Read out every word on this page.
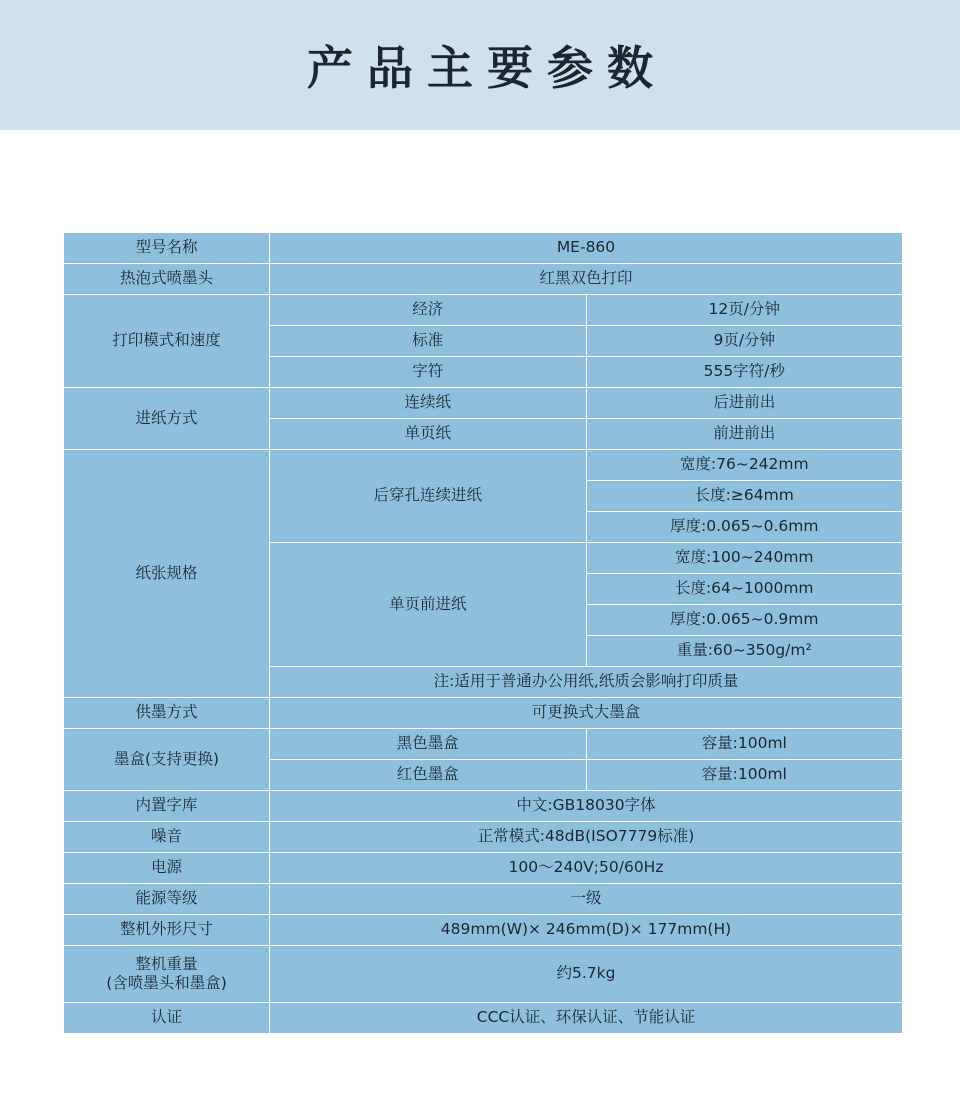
产品主要参数
型号名称	ME-860	
热泡式喷墨头	红黑双色打印	
打印模式和速度	经济	12页/分钟
	标准	9页/分钟
	字符	555字符/秒
进纸方式	连续纸	后进前出
	单页纸	前进前出
纸张规格	后穿孔连续进纸	宽度:76~242mm
		长度:≥64mm
		厚度:0.065~0.6mm
	单页前进纸	宽度:100~240mm
		长度:64~1000mm
		厚度:0.065~0.9mm
		重量:60~350g/m²
	注:适用于普通办公用纸,纸质会影响打印质量	
供墨方式	可更换式大墨盒	
墨盒(支持更换)	黑色墨盒	容量:100ml
	红色墨盒	容量:100ml
内置字库	中文:GB18030字体	
噪音	正常模式:48dB(ISO7779标准)	
电源	100～240V;50/60Hz	
能源等级	一级	
整机外形尺寸	489mm(W)× 246mm(D)× 177mm(H)	

整机重量
(含喷墨头和墨盒)	约5.7kg	
认证	CCC认证、环保认证、节能认证	
